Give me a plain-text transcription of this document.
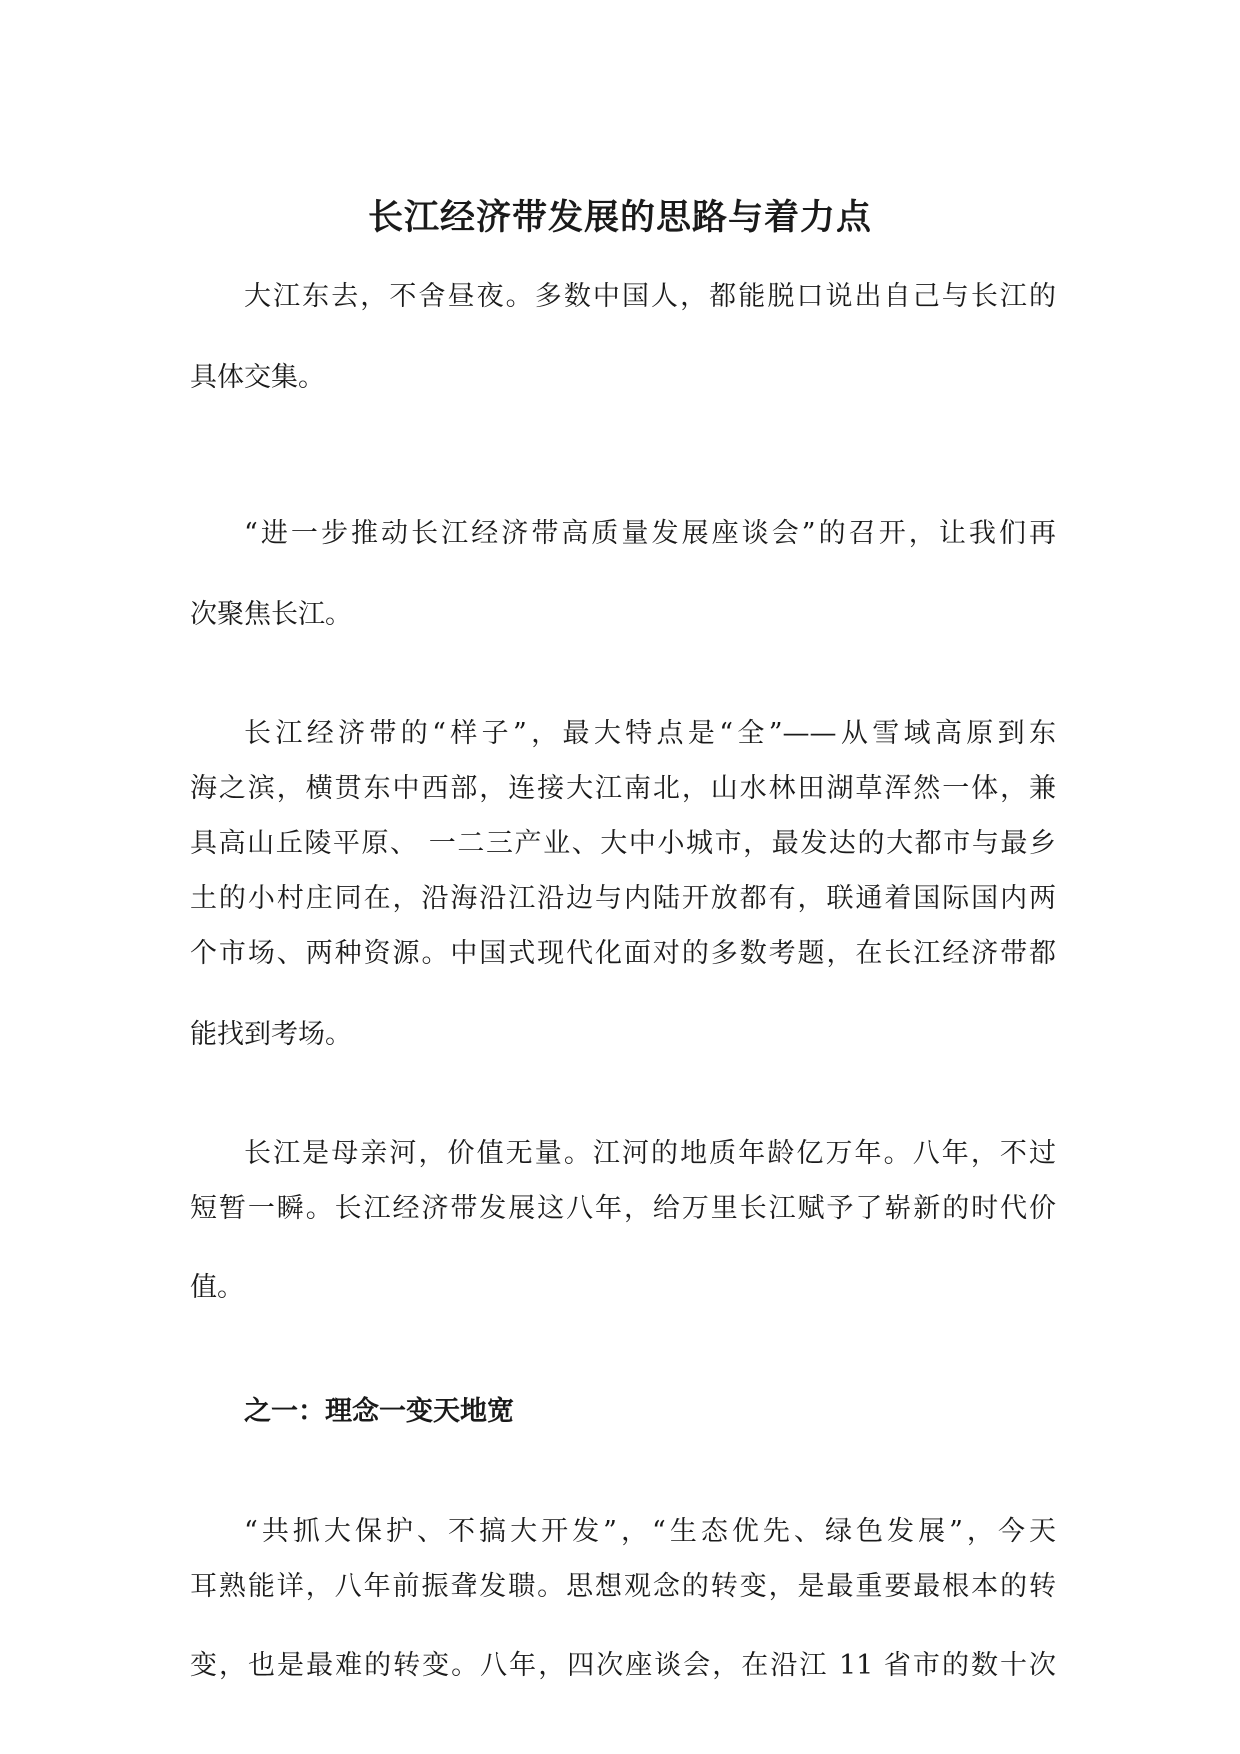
长江经济带发展的思路与着力点

大江东去，不舍昼夜。多数中国人，都能脱口说出自己与长江的

具体交集。

“进一步推动长江经济带高质量发展座谈会”的召开，让我们再

次聚焦长江。

长江经济带的“样子”，最大特点是“全”——从雪域高原到东

海之滨，横贯东中西部，连接大江南北，山水林田湖草浑然一体，兼

具高山丘陵平原、 一二三产业、大中小城市，最发达的大都市与最乡

土的小村庄同在，沿海沿江沿边与内陆开放都有，联通着国际国内两

个市场、两种资源。中国式现代化面对的多数考题，在长江经济带都

能找到考场。

长江是母亲河，价值无量。江河的地质年龄亿万年。八年，不过

短暂一瞬。长江经济带发展这八年，给万里长江赋予了崭新的时代价

值。

之一：理念一变天地宽

“共抓大保护、不搞大开发”，“生态优先、绿色发展”，今天

耳熟能详，八年前振聋发聩。思想观念的转变，是最重要最根本的转

变，也是最难的转变。八年，四次座谈会，在沿江 11 省市的数十次
